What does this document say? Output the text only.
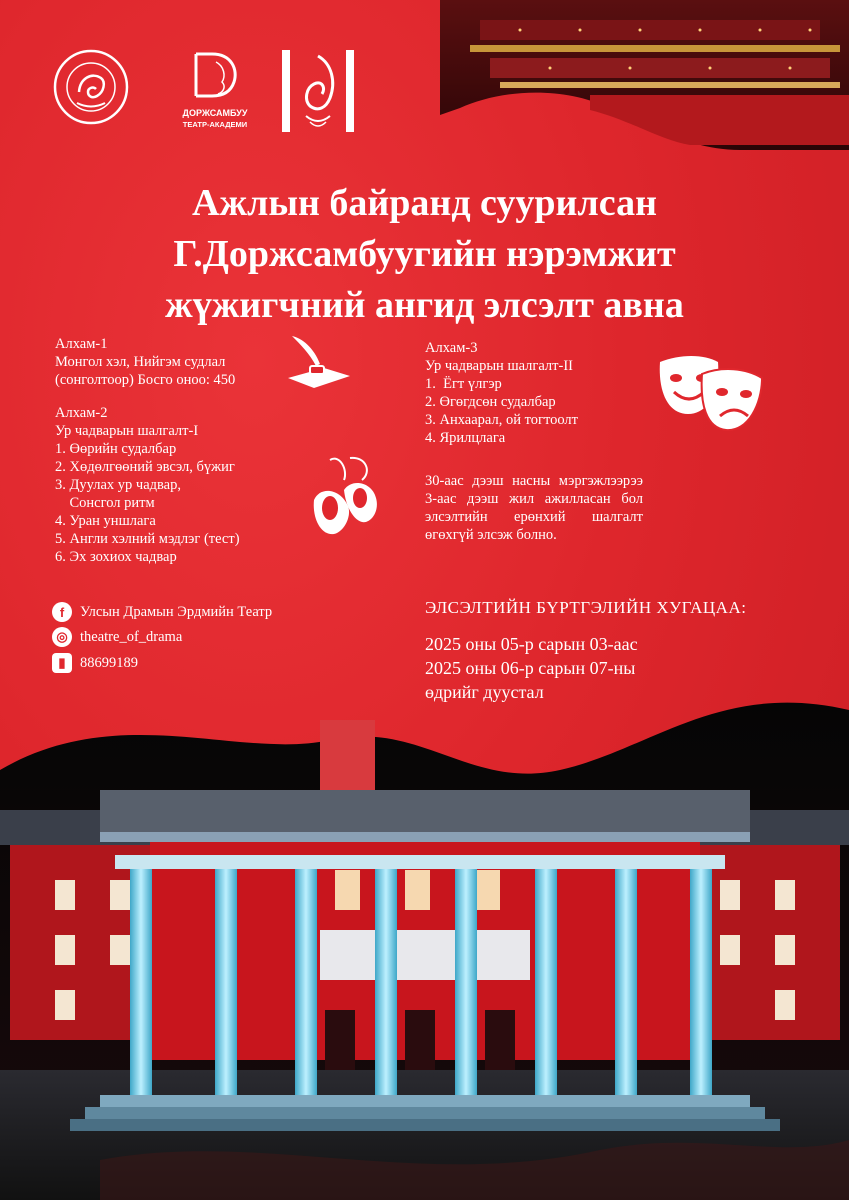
ДОРЖСАМБУУ
ТЕАТР-АКАДЕМИ
Ажлын байранд суурилсан
Г.Доржсамбуугийн нэрэмжит
жүжигчний ангид элсэлт авна
Алхам-1
Монгол хэл, Нийгэм судлал
(сонголтоор) Босго оноо: 450
Алхам-2
Ур чадварын шалгалт-I
1. Өөрийн судалбар
2. Хөдөлгөөний эвсэл, бүжиг
3. Дуулах ур чадвар,
Сонсгол ритм
4. Уран уншлага
5. Англи хэлний мэдлэг (тест)
6. Эх зохиох чадвар
Алхам-3
Ур чадварын шалгалт-II
1.  Ёгт үлгэр
2. Өгөгдсөн судалбар
3. Анхаарал, ой тогтоолт
4. Ярилцлага
30-аас дээш насны мэргэжлээрээ 3-аас дээш жил ажилласан бол элсэлтийн ерөнхий шалгалт өгөхгүй элсэж болно.
f	Улсын Драмын Эрдмийн Театр
◎ theatre_of_drama
▮ 88699189
ЭЛСЭЛТИЙН БҮРТГЭЛИЙН ХУГАЦАА:
2025 оны 05-р сарын 03-аас
2025 оны 06-р сарын 07-ны
өдрийг дуустал
